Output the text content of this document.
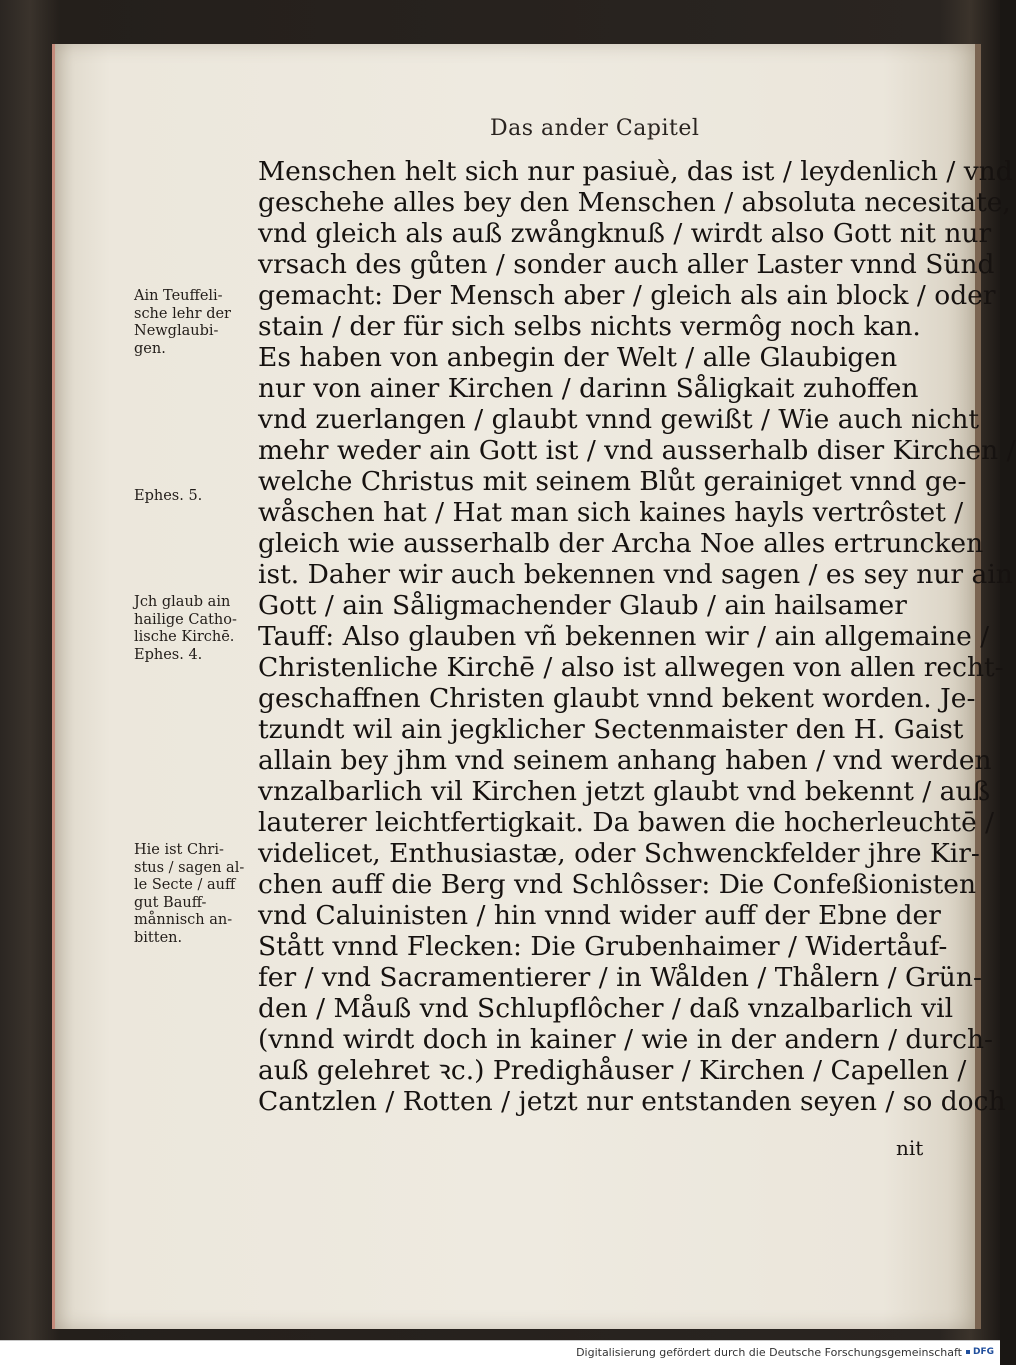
Das ander Capitel
Menschen helt sich nur pasiuè, das ist / leydenlich / vnd
geschehe alles bey den Menschen / absoluta necesitate,
vnd gleich als auß zwångknuß / wirdt also Gott nit nur
vrsach des gůten / sonder auch aller Laster vnnd Sünd
gemacht: Der Mensch aber / gleich als ain block / oder
stain / der für sich selbs nichts vermôg noch kan.
Es haben von anbegin der Welt / alle Glaubigen
nur von ainer Kirchen / darinn Såligkait zuhoffen
vnd zuerlangen / glaubt vnnd gewißt / Wie auch nicht
mehr weder ain Gott ist / vnd ausserhalb diser Kirchen /
welche Christus mit seinem Blůt gerainiget vnnd ge-
wåschen hat / Hat man sich kaines hayls vertrôstet /
gleich wie ausserhalb der Archa Noe alles ertruncken
ist. Daher wir auch bekennen vnd sagen / es sey nur ain
Gott / ain Såligmachender Glaub / ain hailsamer
Tauff: Also glauben vñ bekennen wir / ain allgemaine /
Christenliche Kirchē / also ist allwegen von allen recht-
geschaffnen Christen glaubt vnnd bekent worden. Je-
tzundt wil ain jegklicher Sectenmaister den H. Gaist
allain bey jhm vnd seinem anhang haben / vnd werden
vnzalbarlich vil Kirchen jetzt glaubt vnd bekennt / auß
lauterer leichtfertigkait. Da bawen die hocherleuchtē /
videlicet, Enthusiastæ, oder Schwenckfelder jhre Kir-
chen auff die Berg vnd Schlôsser: Die Confeßionisten
vnd Caluinisten / hin vnnd wider auff der Ebne der
Stått vnnd Flecken: Die Grubenhaimer / Widertåuf-
fer / vnd Sacramentierer / in Wålden / Thålern / Grün-
den / Måuß vnd Schlupflôcher / daß vnzalbarlich vil
(vnnd wirdt doch in kainer / wie in der andern / durch-
auß gelehret ꝛc.) Predighåuser / Kirchen / Capellen /
Cantzlen / Rotten / jetzt nur entstanden seyen / so doch
Ain Teuffeli-
sche lehr der
Newglaubi-
gen.
Ephes. 5.
Jch glaub ain
hailige Catho-
lische Kirchē.
Ephes. 4.
Hie ist Chri-
stus / sagen al-
le Secte / auff
gut Bauff-
månnisch an-
bitten.
nit
Digitalisierung gefördert durch die Deutsche Forschungsgemeinschaft DFG
